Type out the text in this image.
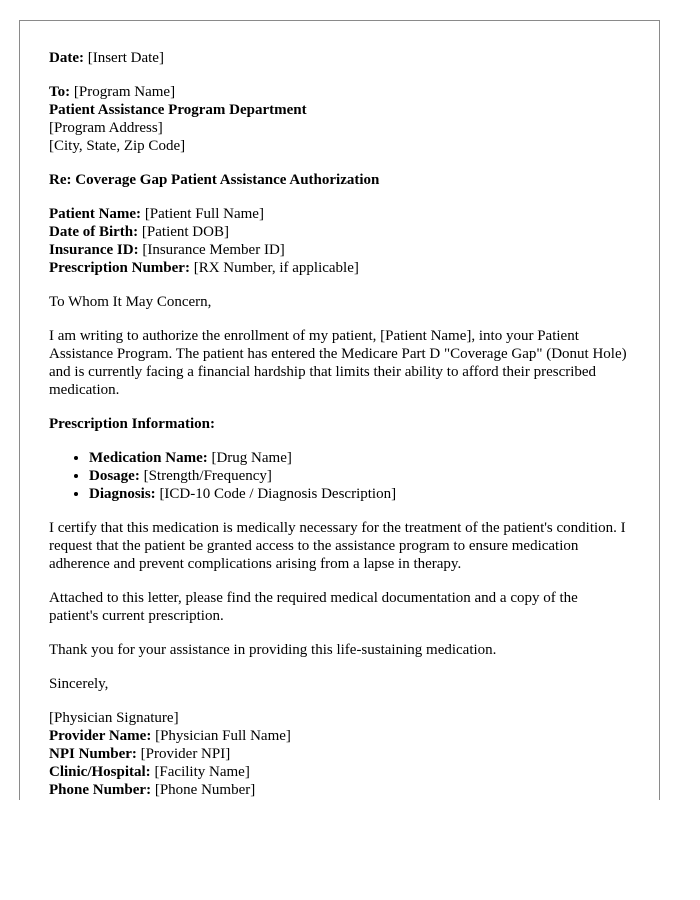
Date: [Insert Date]
To: [Program Name]
Patient Assistance Program Department
[Program Address]
[City, State, Zip Code]
Re: Coverage Gap Patient Assistance Authorization
Patient Name: [Patient Full Name]
Date of Birth: [Patient DOB]
Insurance ID: [Insurance Member ID]
Prescription Number: [RX Number, if applicable]

To Whom It May Concern,

I am writing to authorize the enrollment of my patient, [Patient Name], into your Patient Assistance Program. The patient has entered the Medicare Part D "Coverage Gap" (Donut Hole) and is currently facing a financial hardship that limits their ability to afford their prescribed medication.

Prescription Information:
• Medication Name: [Drug Name]
• Dosage: [Strength/Frequency]
• Diagnosis: [ICD-10 Code / Diagnosis Description]

I certify that this medication is medically necessary for the treatment of the patient's condition. I request that the patient be granted access to the assistance program to ensure medication adherence and prevent complications arising from a lapse in therapy.

Attached to this letter, please find the required medical documentation and a copy of the patient's current prescription.

Thank you for your assistance in providing this life-sustaining medication.

Sincerely,

[Physician Signature]
Provider Name: [Physician Full Name]
NPI Number: [Provider NPI]
Clinic/Hospital: [Facility Name]
Phone Number: [Phone Number]
